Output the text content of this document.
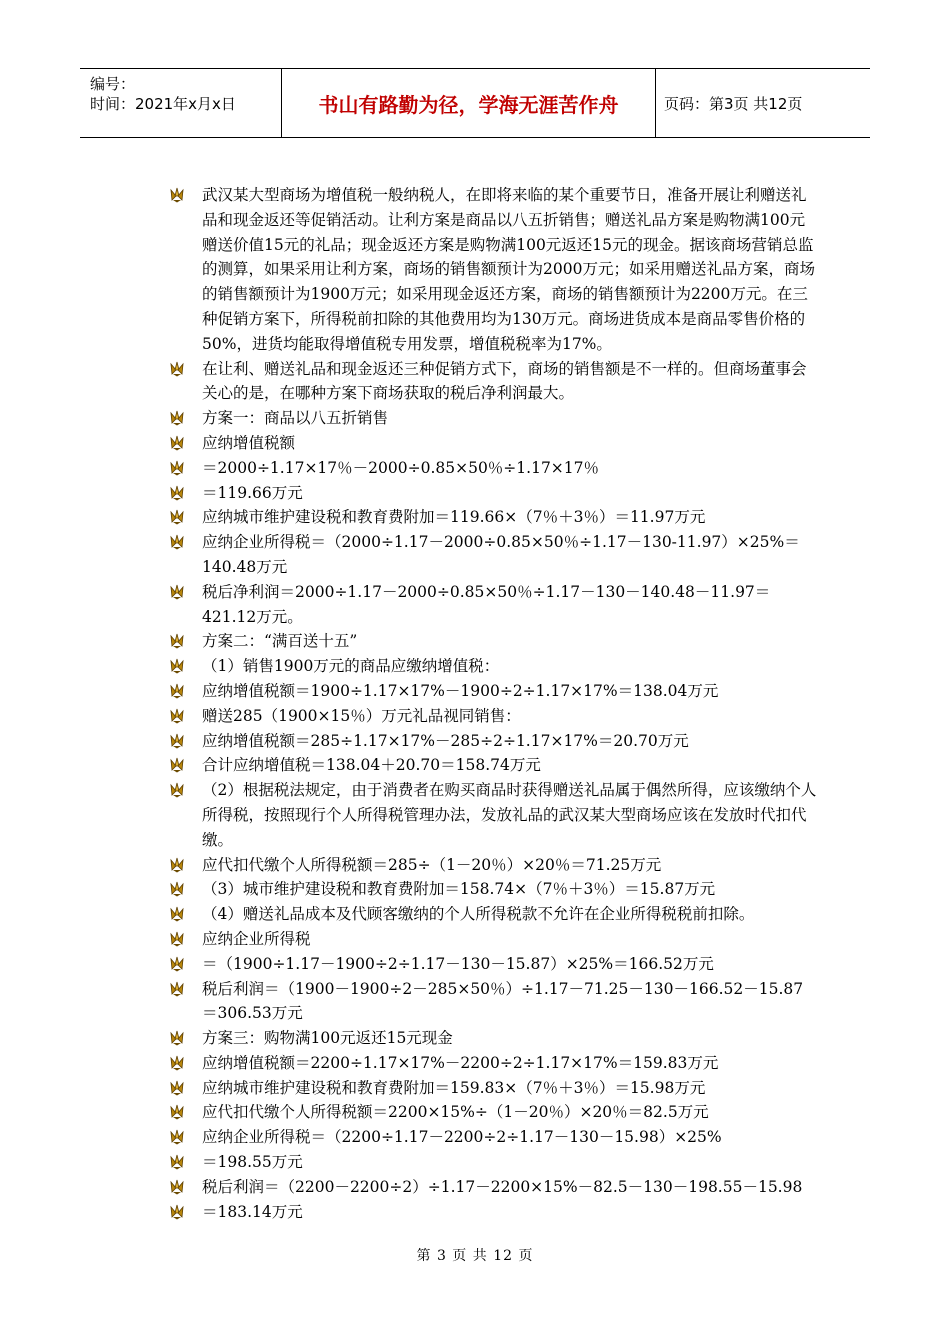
编号：
时间：2021年x月x日	书山有路勤为径，学海无涯苦作舟	页码：第3页 共12页
武汉某大型商场为增值税一般纳税人，在即将来临的某个重要节日，准备开展让利赠送礼品和现金返还等促销活动。让利方案是商品以八五折销售；赠送礼品方案是购物满100元赠送价值15元的礼品；现金返还方案是购物满100元返还15元的现金。据该商场营销总监的测算，如果采用让利方案，商场的销售额预计为2000万元；如采用赠送礼品方案，商场的销售额预计为1900万元；如采用现金返还方案，商场的销售额预计为2200万元。在三种促销方案下，所得税前扣除的其他费用均为130万元。商场进货成本是商品零售价格的50%，进货均能取得增值税专用发票，增值税税率为17%。
在让利、赠送礼品和现金返还三种促销方式下，商场的销售额是不一样的。但商场董事会关心的是，在哪种方案下商场获取的税后净利润最大。
方案一：商品以八五折销售
应纳增值税额
＝2000÷1.17×17％－2000÷0.85×50％÷1.17×17％
＝119.66万元
应纳城市维护建设税和教育费附加＝119.66×（7％＋3％）＝11.97万元
应纳企业所得税＝（2000÷1.17－2000÷0.85×50％÷1.17－130-11.97）×25%＝140.48万元
税后净利润＝2000÷1.17－2000÷0.85×50％÷1.17－130－140.48－11.97＝421.12万元。
方案二：“满百送十五”
（1）销售1900万元的商品应缴纳增值税：
应纳增值税额＝1900÷1.17×17%－1900÷2÷1.17×17%＝138.04万元
赠送285（1900×15％）万元礼品视同销售：
应纳增值税额＝285÷1.17×17%－285÷2÷1.17×17%＝20.70万元
合计应纳增值税＝138.04＋20.70＝158.74万元
（2）根据税法规定，由于消费者在购买商品时获得赠送礼品属于偶然所得，应该缴纳个人所得税，按照现行个人所得税管理办法，发放礼品的武汉某大型商场应该在发放时代扣代缴。
应代扣代缴个人所得税额＝285÷（1－20％）×20％＝71.25万元
（3）城市维护建设税和教育费附加＝158.74×（7％＋3％）＝15.87万元
（4）赠送礼品成本及代顾客缴纳的个人所得税款不允许在企业所得税税前扣除。
应纳企业所得税
＝（1900÷1.17－1900÷2÷1.17－130－15.87）×25%＝166.52万元
税后利润＝（1900－1900÷2－285×50％）÷1.17－71.25－130－166.52－15.87＝306.53万元
方案三：购物满100元返还15元现金
应纳增值税额＝2200÷1.17×17%－2200÷2÷1.17×17%＝159.83万元
应纳城市维护建设税和教育费附加＝159.83×（7％＋3％）＝15.98万元
应代扣代缴个人所得税额＝2200×15%÷（1－20％）×20％＝82.5万元
应纳企业所得税＝（2200÷1.17－2200÷2÷1.17－130－15.98）×25%
＝198.55万元
税后利润＝（2200－2200÷2）÷1.17－2200×15%－82.5－130－198.55－15.98
＝183.14万元
第 3 页 共 12 页
